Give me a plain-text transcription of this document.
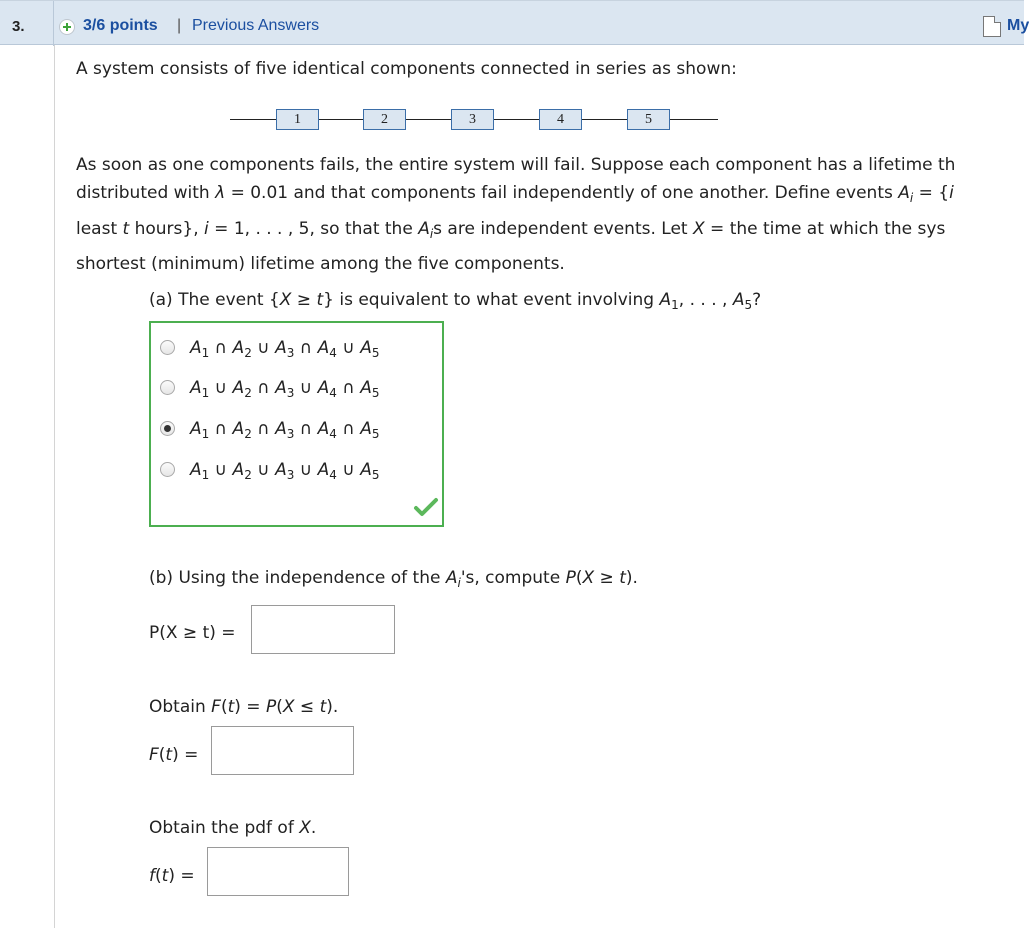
3.	3/6 points | Previous Answers	My
A system consists of five identical components connected in series as shown:
1	2	3	4	5
As soon as one components fails, the entire system will fail. Suppose each component has a lifetime th
distributed with λ = 0.01 and that components fail independently of one another. Define events $A_i = \{i$
least t hours}, i = 1, . . . , 5, so that the $A_is$ are independent events. Let X = the time at which the sys
shortest (minimum) lifetime among the five components.
(a) The event {X ≥ t} is equivalent to what event involving $A_1$, . . . , $A_5$?
$A_1$ ∩ $A_2$ ∪ $A_3$ ∩ $A_4$ ∪ $A_5$
$A_1$ ∪ $A_2$ ∩ $A_3$ ∪ $A_4$ ∩ $A_5$
$A_1$ ∩ $A_2$ ∩ $A_3$ ∩ $A_4$ ∩ $A_5$
$A_1$ ∪ $A_2$ ∪ $A_3$ ∪ $A_4$ ∪ $A_5$
(b) Using the independence of the $A_i's$, compute P(X ≥ t).
P(X ≥ t) =
Obtain F(t) = P(X ≤ t).
F(t) =
Obtain the pdf of X.
f(t) =
